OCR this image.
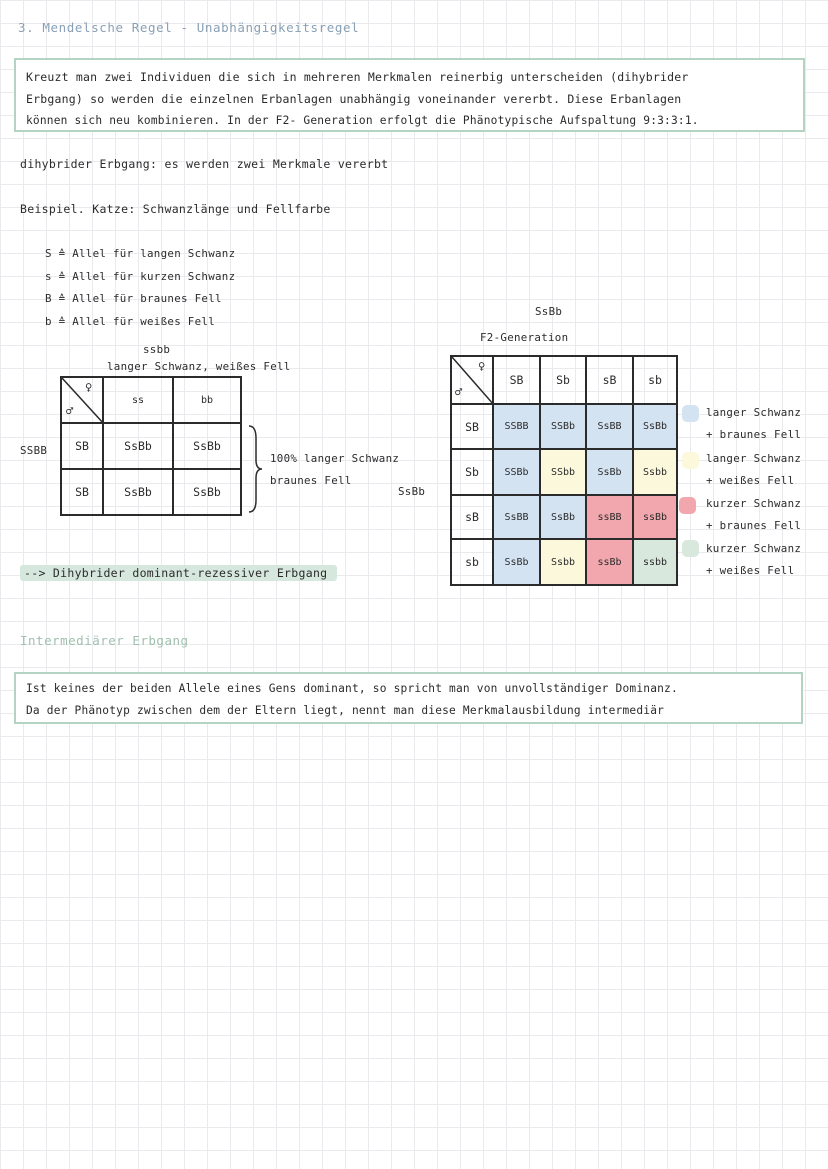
3. Mendelsche Regel - Unabhängigkeitsregel
Kreuzt man zwei Individuen die sich in mehreren Merkmalen reinerbig unterscheiden (dihybrider
Erbgang) so werden die einzelnen Erbanlagen unabhängig voneinander vererbt. Diese Erbanlagen
können sich neu kombinieren. In der F2- Generation erfolgt die Phänotypische Aufspaltung 9:3:3:1.
dihybrider Erbgang: es werden zwei Merkmale vererbt
Beispiel. Katze: Schwanzlänge und Fellfarbe
S ≙ Allel für langen Schwanz
s ≙ Allel für kurzen Schwanz
B ≙ Allel für braunes Fell
b ≙ Allel für weißes Fell
ssbb
langer Schwanz, weißes Fell
SSBB
♀
♂	ss	bb
SB	SsBb	SsBb
SB	SsBb	SsBb
100% langer Schwanz
braunes Fell
--> Dihybrider dominant-rezessiver Erbgang
SsBb
F2-Generation
SsBb
♀
♂	SB	Sb	sB	sb
SB	SSBB	SSBb	SsBB	SsBb
Sb	SSBb	SSbb	SsBb	Ssbb
sB	SsBB	SsBb	ssBB	ssBb
sb	SsBb	Ssbb	ssBb	ssbb
langer Schwanz
+ braunes Fell
langer Schwanz
+ weißes Fell
kurzer Schwanz
+ braunes Fell
kurzer Schwanz
+ weißes Fell
Intermediärer Erbgang
Ist keines der beiden Allele eines Gens dominant, so spricht man von unvollständiger Dominanz.
Da der Phänotyp zwischen dem der Eltern liegt, nennt man diese Merkmalausbildung intermediär
